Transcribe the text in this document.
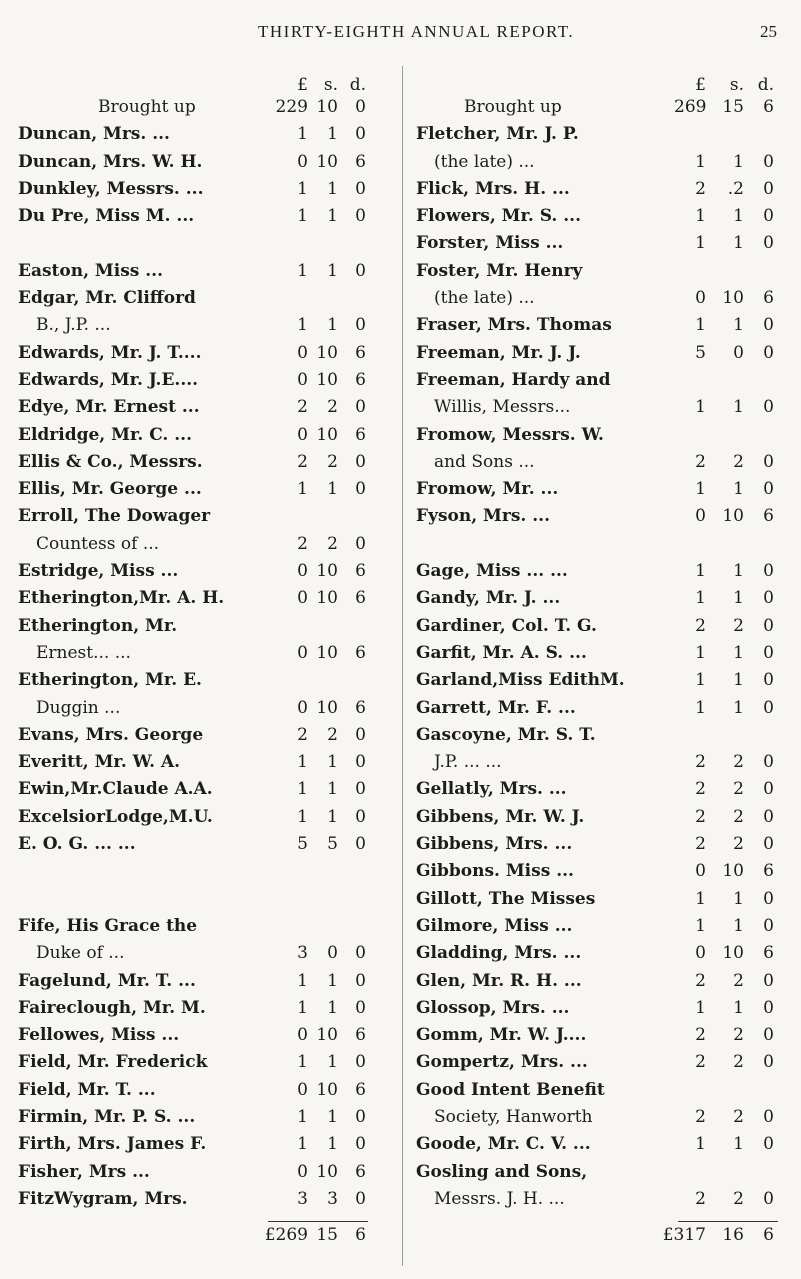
THIRTY-EIGHTH ANNUAL REPORT.	25
£ s. d.
Brought up	229 10	0
Duncan, Mrs. ...	1	1	0
Duncan, Mrs. W. H.	0 10	6
Dunkley, Messrs. ...	1	1	0
Du Pre, Miss M. ...	1	1	0
Easton, Miss ...	1	1	0
Edgar, Mr. Clifford
B., J.P. ...	1	1	0
Edwards, Mr. J. T....	0 10	6
Edwards, Mr. J.E....	0 10	6
Edye, Mr. Ernest ...	2	2	0
Eldridge, Mr. C. ...	0 10	6
Ellis & Co., Messrs.	2	2	0
Ellis, Mr. George ...	1	1	0
Erroll, The Dowager
Countess of ...	2	2	0
Estridge, Miss ...	0 10	6
Etherington,Mr. A. H.	0 10	6
Etherington, Mr.
Ernest... ...	0 10	6
Etherington, Mr. E.
Duggin ...	0 10	6
Evans, Mrs. George	2	2	0
Everitt, Mr. W. A.	1	1	0
Ewin,Mr.Claude A.A.	1	1	0
ExcelsiorLodge,M.U.	1	1	0
E. O. G. ... ...	5	5	0
Fife, His Grace the
Duke of ...	3	0	0
Fagelund, Mr. T. ...	1	1	0
Faireclough, Mr. M.	1	1	0
Fellowes, Miss ...	0 10	6
Field, Mr. Frederick	1	1	0
Field, Mr. T. ...	0 10	6
Firmin, Mr. P. S. ...	1	1	0
Firth, Mrs. James F.	1	1	0
Fisher, Mrs ...	0 10	6
FitzWygram, Mrs.	3	3	0
£269 15	6
£	s. d.
Brought up	269 15	6
Fletcher, Mr. J. P.
(the late) ...	1	1	0
Flick, Mrs. H. ...	2	.2	0
Flowers, Mr. S. ...	1	1	0
Forster, Miss ...	1	1	0
Foster, Mr. Henry
(the late) ...	0 10	6
Fraser, Mrs. Thomas	1	1	0
Freeman, Mr. J. J.	5	0	0
Freeman, Hardy and
Willis, Messrs...	1	1	0
Fromow, Messrs. W.
and Sons ...	2	2	0
Fromow, Mr. ...	1	1	0
Fyson, Mrs. ...	0 10	6
Gage, Miss ... ...	1	1	0
Gandy, Mr. J. ...	1	1	0
Gardiner, Col. T. G.	2	2	0
Garfit, Mr. A. S. ...	1	1	0
Garland,Miss EdithM.	1	1	0
Garrett, Mr. F. ...	1	1	0
Gascoyne, Mr. S. T.
J.P. ... ...	2	2	0
Gellatly, Mrs. ...	2	2	0
Gibbens, Mr. W. J.	2	2	0
Gibbens, Mrs. ...	2	2	0
Gibbons. Miss ...	0 10	6
Gillott, The Misses	1	1	0
Gilmore, Miss ...	1	1	0
Gladding, Mrs. ...	0 10	6
Glen, Mr. R. H. ...	2	2	0
Glossop, Mrs. ...	1	1	0
Gomm, Mr. W. J....	2	2	0
Gompertz, Mrs. ...	2	2	0
Good Intent Benefit
Society, Hanworth	2	2	0
Goode, Mr. C. V. ...	1	1	0
Gosling and Sons,
Messrs. J. H. ...	2	2	0
£317 16	6
